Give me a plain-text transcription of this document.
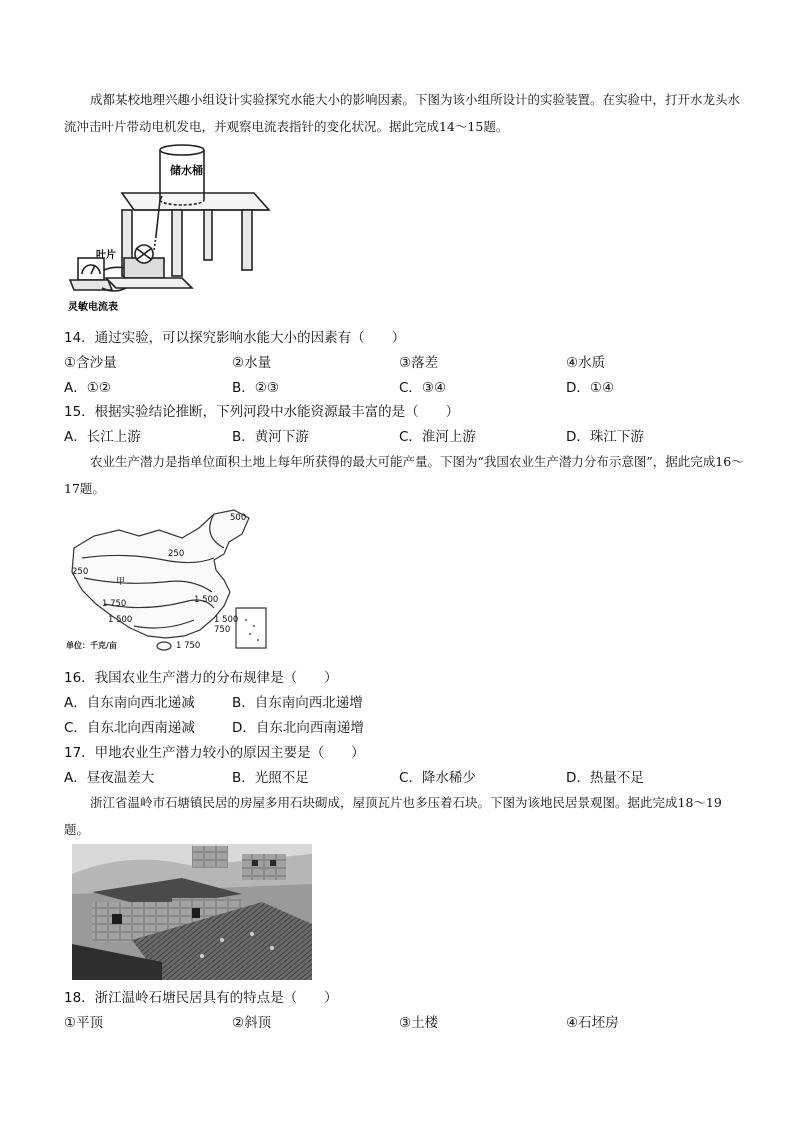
成都某校地理兴趣小组设计实验探究水能大小的影响因素。下图为该小组所设计的实验装置。在实验中，打开水龙头水流冲击叶片带动电机发电，并观察电流表指针的变化状况。据此完成14～15题。
储水桶
叶片
灵敏电流表
14．通过实验，可以探究影响水能大小的因素有（　　）
①含沙量	②水量	③落差	④水质
A．①②	B．②③	C．③④	D．①④
15．根据实验结论推断，下列河段中水能资源最丰富的是（　　）
A．长江上游	B．黄河下游	C．淮河上游	D．珠江下游
农业生产潜力是指单位面积土地上每年所获得的最大可能产量。下图为“我国农业生产潜力分布示意图”，据此完成16～17题。
500
250
250
1 500
1 500
750
1 500
1 750
1 750
甲
单位：千克/亩
16．我国农业生产潜力的分布规律是（　　）
A．自东南向西北递减	B．自东南向西北递增
C．自东北向西南递减	D．自东北向西南递增
17．甲地农业生产潜力较小的原因主要是（　　）
A．昼夜温差大	B．光照不足	C．降水稀少	D．热量不足
浙江省温岭市石塘镇民居的房屋多用石块砌成，屋顶瓦片也多压着石块。下图为该地民居景观图。据此完成18～19题。
18．浙江温岭石塘民居具有的特点是（　　）
①平顶	②斜顶	③土楼	④石坯房
